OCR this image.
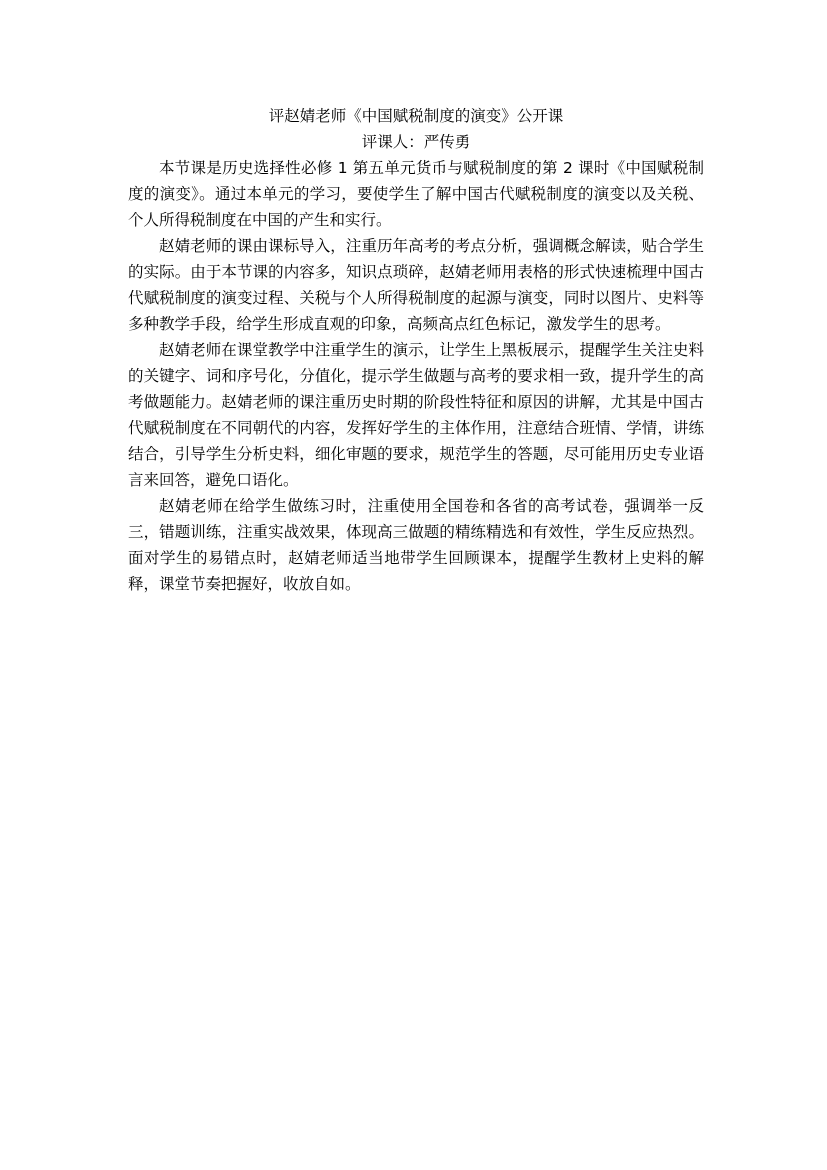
评赵婧老师《中国赋税制度的演变》公开课

评课人：严传勇

本节课是历史选择性必修 1 第五单元货币与赋税制度的第 2 课时《中国赋税制度的演变》。通过本单元的学习，要使学生了解中国古代赋税制度的演变以及关税、个人所得税制度在中国的产生和实行。

赵婧老师的课由课标导入，注重历年高考的考点分析，强调概念解读，贴合学生的实际。由于本节课的内容多，知识点琐碎，赵婧老师用表格的形式快速梳理中国古代赋税制度的演变过程、关税与个人所得税制度的起源与演变，同时以图片、史料等多种教学手段，给学生形成直观的印象，高频高点红色标记，激发学生的思考。

赵婧老师在课堂教学中注重学生的演示，让学生上黑板展示，提醒学生关注史料的关键字、词和序号化，分值化，提示学生做题与高考的要求相一致，提升学生的高考做题能力。赵婧老师的课注重历史时期的阶段性特征和原因的讲解，尤其是中国古代赋税制度在不同朝代的内容，发挥好学生的主体作用，注意结合班情、学情，讲练结合，引导学生分析史料，细化审题的要求，规范学生的答题，尽可能用历史专业语言来回答，避免口语化。

赵婧老师在给学生做练习时，注重使用全国卷和各省的高考试卷，强调举一反三，错题训练，注重实战效果，体现高三做题的精练精选和有效性，学生反应热烈。面对学生的易错点时，赵婧老师适当地带学生回顾课本，提醒学生教材上史料的解释，课堂节奏把握好，收放自如。
